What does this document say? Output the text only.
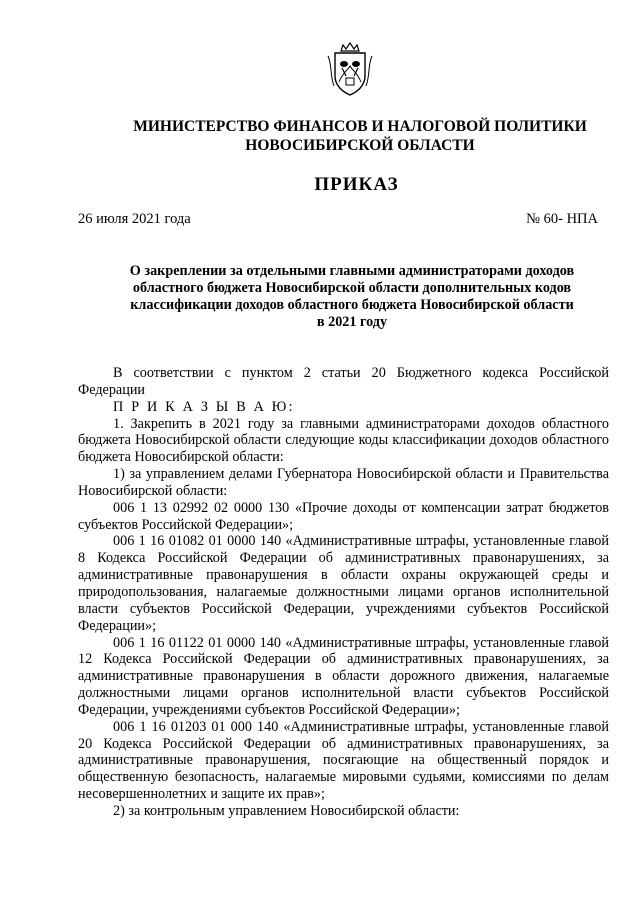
МИНИСТЕРСТВО ФИНАНСОВ И НАЛОГОВОЙ ПОЛИТИКИ
НОВОСИБИРСКОЙ ОБЛАСТИ
ПРИКАЗ
26 июля 2021 года	№ 60- НПА
О закреплении за отдельными главными администраторами доходов
областного бюджета Новосибирской области дополнительных кодов
классификации доходов областного бюджета Новосибирской области
в 2021 году

В соответствии с пунктом 2 статьи 20 Бюджетного кодекса Российской Федерации

П Р И К А З Ы В А Ю:

1. Закрепить в 2021 году за главными администраторами доходов областного бюджета Новосибирской области следующие коды классификации доходов областного бюджета Новосибирской области:

1) за управлением делами Губернатора Новосибирской области и Правительства Новосибирской области:

006 1 13 02992 02 0000 130 «Прочие доходы от компенсации затрат бюджетов субъектов Российской Федерации»;

006 1 16 01082 01 0000 140 «Административные штрафы, установленные главой 8 Кодекса Российской Федерации об административных правонарушениях, за административные правонарушения в области охраны окружающей среды и природопользования, налагаемые должностными лицами органов исполнительной власти субъектов Российской Федерации, учреждениями субъектов Российской Федерации»;

006 1 16 01122 01 0000 140 «Административные штрафы, установленные главой 12 Кодекса Российской Федерации об административных правонарушениях, за административные правонарушения в области дорожного движения, налагаемые должностными лицами органов исполнительной власти субъектов Российской Федерации, учреждениями субъектов Российской Федерации»;

006 1 16 01203 01 000 140 «Административные штрафы, установленные главой 20 Кодекса Российской Федерации об административных правонарушениях, за административные правонарушения, посягающие на общественный порядок и общественную безопасность, налагаемые мировыми судьями, комиссиями по делам несовершеннолетних и защите их прав»;

2) за контрольным управлением Новосибирской области:
